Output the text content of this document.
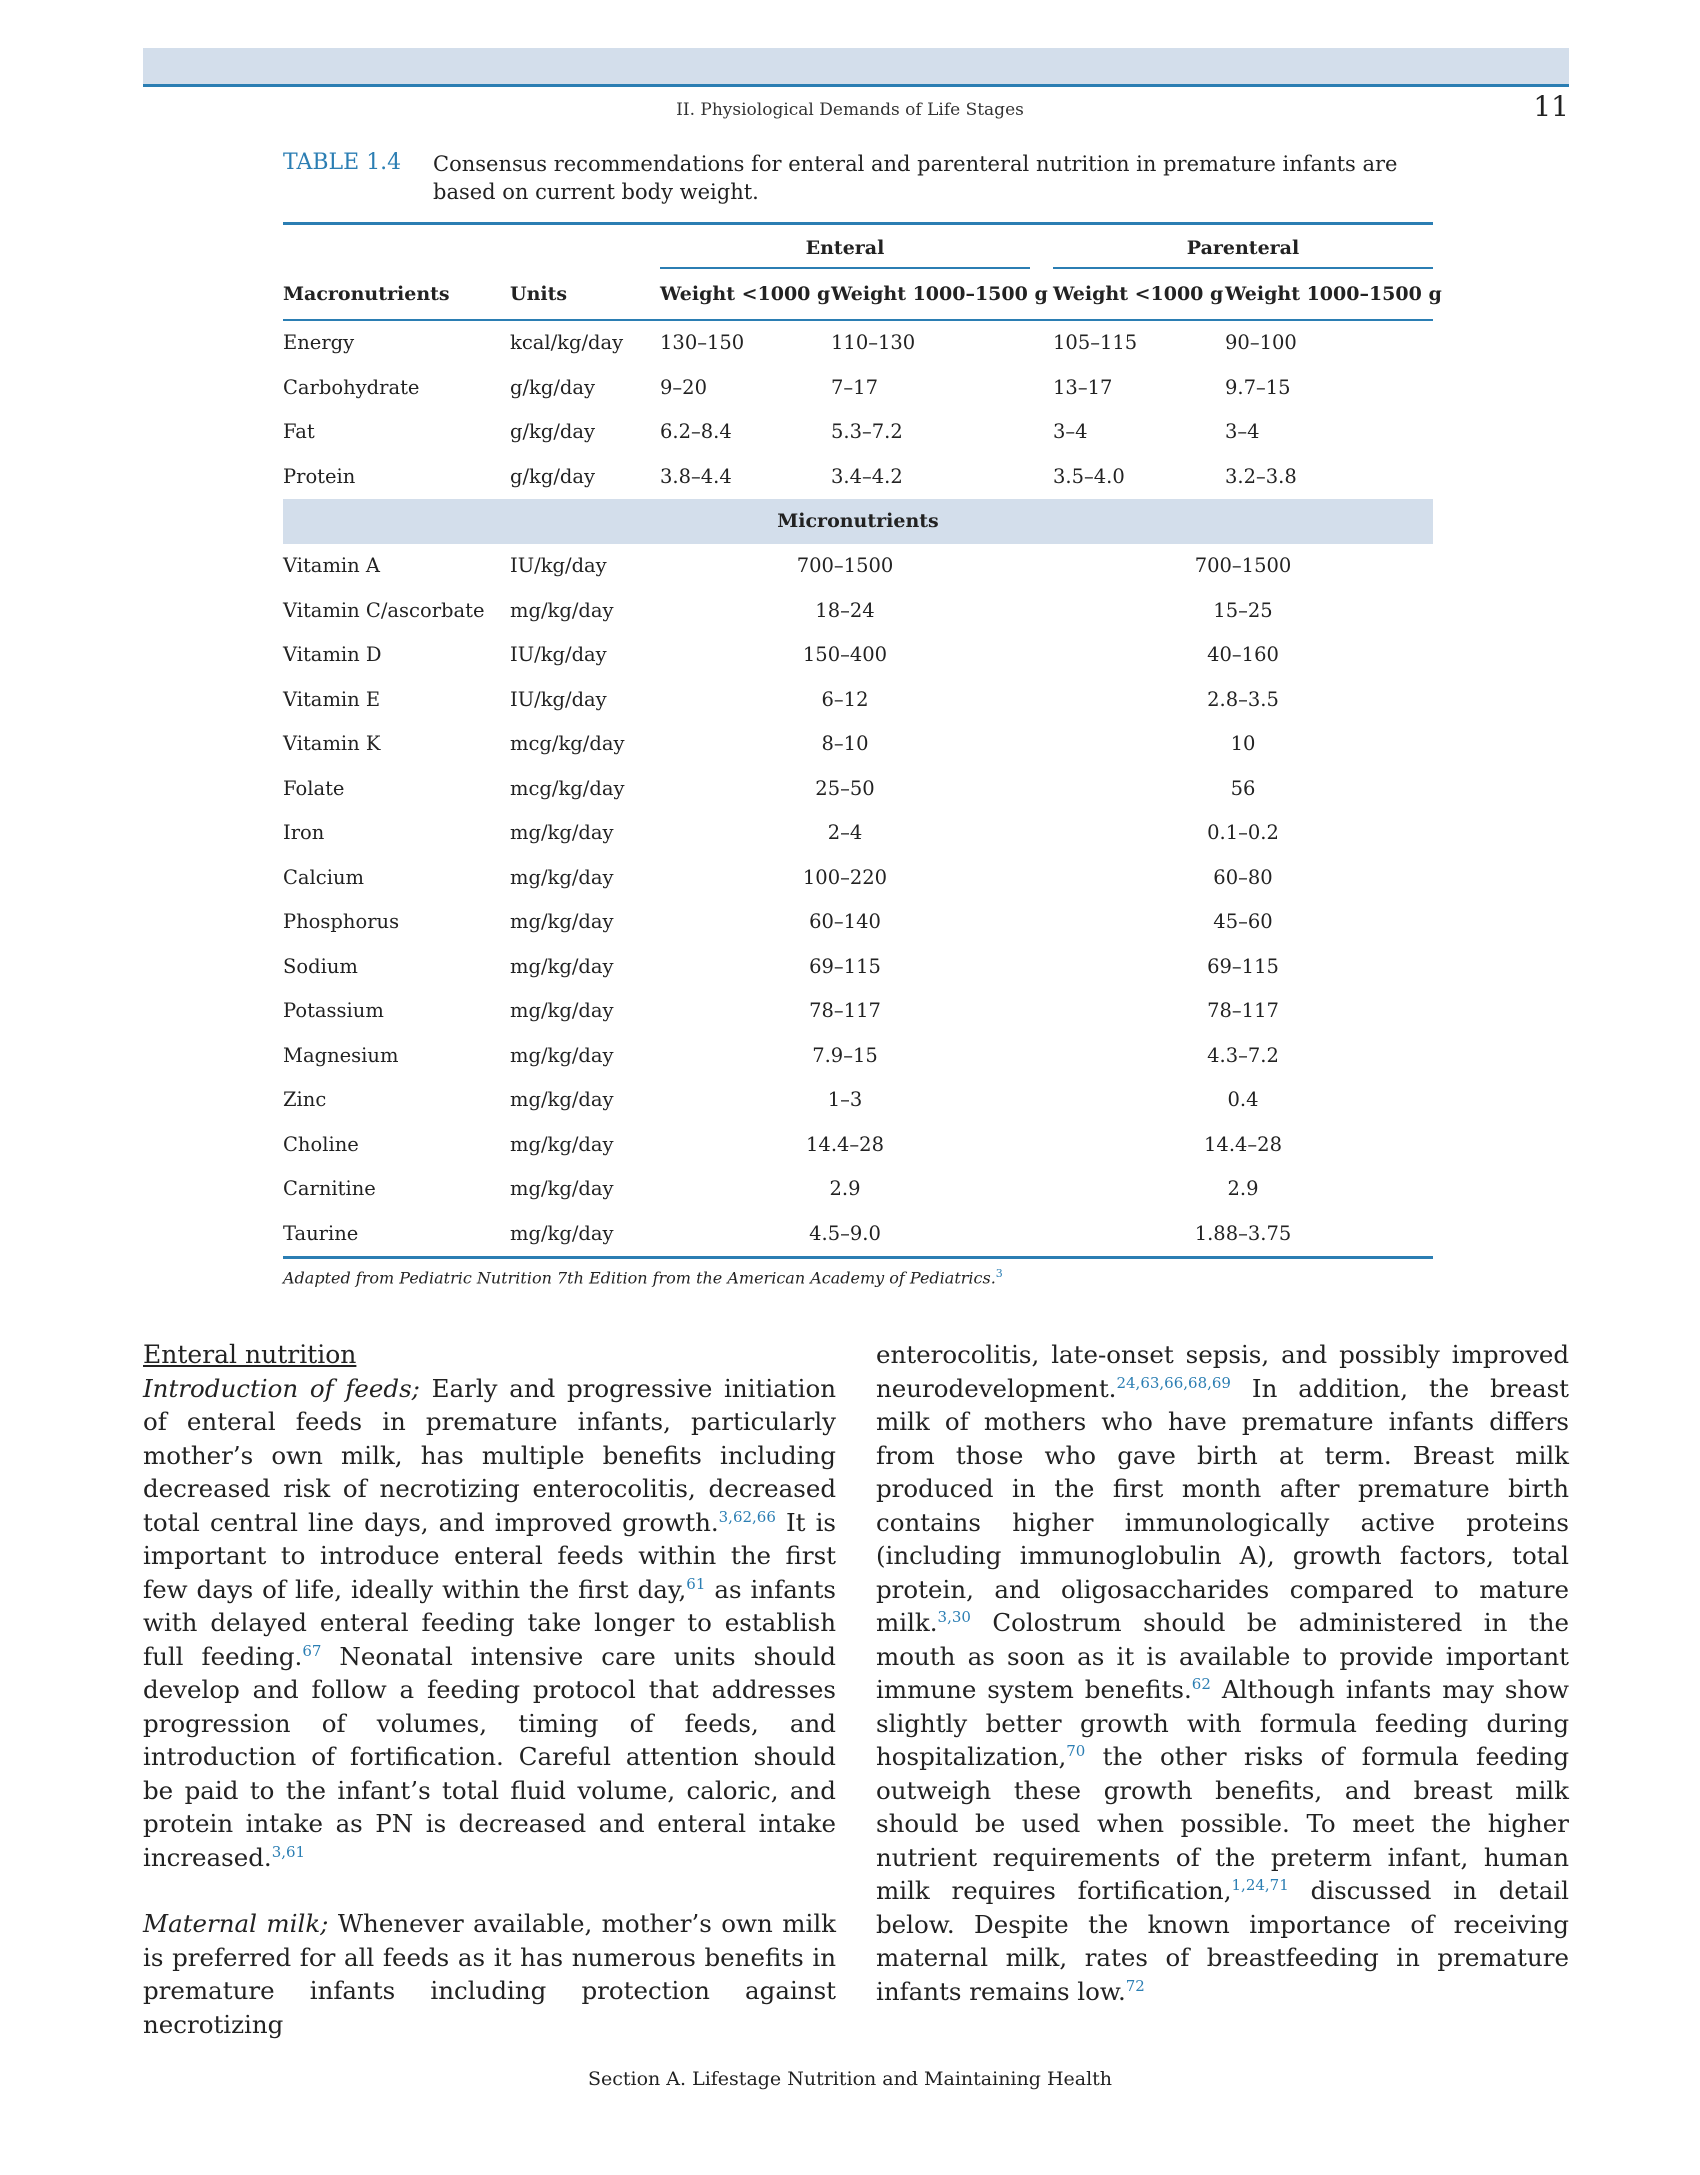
II. Physiological Demands of Life Stages	11
TABLE 1.4	Consensus recommendations for enteral and parenteral nutrition in premature infants are based on current body weight.
Enteral	Parenteral
Macronutrients	Units	Weight <1000 g Weight 1000–1500 g Weight <1000 g Weight 1000–1500 g
Energy	kcal/kg/day 130–150	110–130	105–115	90–100
Carbohydrate	g/kg/day	9–20	7–17	13–17	9.7–15
Fat	g/kg/day	6.2–8.4	5.3–7.2	3–4	3–4
Protein	g/kg/day	3.8–4.4	3.4–4.2	3.5–4.0	3.2–3.8
Micronutrients
Vitamin A	IU/kg/day	700–1500	700–1500
Vitamin C/ascorbate mg/kg/day	18–24	15–25
Vitamin D	IU/kg/day	150–400	40–160
Vitamin E	IU/kg/day	6–12	2.8–3.5
Vitamin K	mcg/kg/day	8–10	10
Folate	mcg/kg/day	25–50	56
Iron	mg/kg/day	2–4	0.1–0.2
Calcium	mg/kg/day	100–220	60–80
Phosphorus	mg/kg/day	60–140	45–60
Sodium	mg/kg/day	69–115	69–115
Potassium	mg/kg/day	78–117	78–117
Magnesium	mg/kg/day	7.9–15	4.3–7.2
Zinc	mg/kg/day	1–3	0.4
Choline	mg/kg/day	14.4–28	14.4–28
Carnitine	mg/kg/day	2.9	2.9
Taurine	mg/kg/day	4.5–9.0	1.88–3.75
Adapted from Pediatric Nutrition 7th Edition from the American Academy of Pediatrics.$^3$

Enteral nutrition

Introduction of feeds; Early and progressive initiation of enteral feeds in premature infants, particularly mother’s own milk, has multiple benefits including decreased risk of necrotizing enterocolitis, decreased total central line days, and improved growth.$^{3,62,66}$ It is important to introduce enteral feeds within the first few days of life, ideally within the first day,$^{61}$ as infants with delayed enteral feeding take longer to establish full feeding.$^{67}$ Neonatal intensive care units should develop and follow a feeding protocol that addresses progression of volumes, timing of feeds, and introduction of fortification. Careful attention should be paid to the infant’s total fluid volume, caloric, and protein intake as PN is decreased and enteral intake increased.$^{3,61}$

Maternal milk; Whenever available, mother’s own milk is preferred for all feeds as it has numerous benefits in premature infants including protection against necrotizing

enterocolitis, late-onset sepsis, and possibly improved neurodevelopment.$^{24,63,66,68,69}$ In addition, the breast milk of mothers who have premature infants differs from those who gave birth at term. Breast milk produced in the first month after premature birth contains higher immunologically active proteins (including immunoglobulin A), growth factors, total protein, and oligosaccharides compared to mature milk.$^{3,30}$ Colostrum should be administered in the mouth as soon as it is available to provide important immune system benefits.$^{62}$ Although infants may show slightly better growth with formula feeding during hospitalization,$^{70}$ the other risks of formula feeding outweigh these growth benefits, and breast milk should be used when possible. To meet the higher nutrient requirements of the preterm infant, human milk requires fortification,$^{1,24,71}$ discussed in detail below. Despite the known importance of receiving maternal milk, rates of breastfeeding in premature infants remains low.$^{72}$

Section A. Lifestage Nutrition and Maintaining Health
